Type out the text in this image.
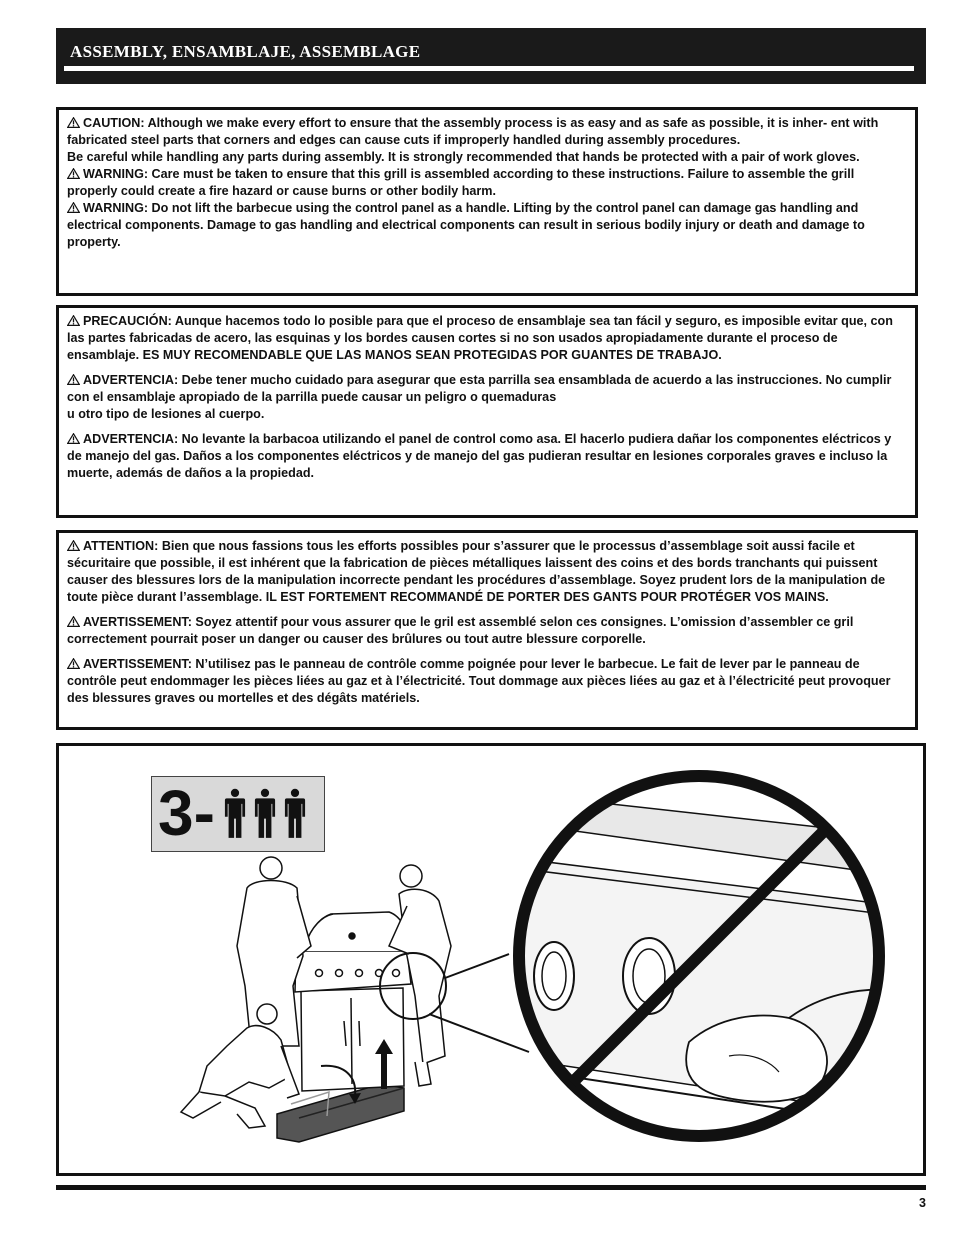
ASSEMBLY, ENSAMBLAJE, ASSEMBLAGE

CAUTION: Although we make every effort to ensure that the assembly process is as easy and as safe as possible, it is inher- ent with fabricated steel parts that corners and edges can cause cuts if improperly handled during assembly procedures.

Be careful while handling any parts during assembly. It is strongly recommended that hands be protected with a pair of work gloves.

WARNING: Care must be taken to ensure that this grill is assembled according to these instructions. Failure to assemble the grill properly could create a fire hazard or cause burns or other bodily harm.

WARNING: Do not lift the barbecue using the control panel as a handle. Lifting by the control panel can damage gas handling and electrical components. Damage to gas handling and electrical components can result in serious bodily injury or death and damage to property.

PRECAUCIÓN: Aunque hacemos todo lo posible para que el proceso de ensamblaje sea tan fácil y seguro, es imposible evitar que, con las partes fabricadas de acero, las esquinas y los bordes causen cortes si no son usados apropiadamente durante el proceso de ensamblaje. ES MUY RECOMENDABLE QUE LAS MANOS SEAN PROTEGIDAS POR GUANTES DE TRABAJO.

ADVERTENCIA: Debe tener mucho cuidado para asegurar que esta parrilla sea ensamblada de acuerdo a las instrucciones. No cumplir con el ensamblaje apropiado de la parrilla puede causar un peligro o quemaduras

u otro tipo de lesiones al cuerpo.

ADVERTENCIA: No levante la barbacoa utilizando el panel de control como asa. El hacerlo pudiera dañar los componentes eléctricos y de manejo del gas. Daños a los componentes eléctricos y de manejo del gas pudieran resultar en lesiones corporales graves e incluso la muerte, además de daños a la propiedad.

ATTENTION: Bien que nous fassions tous les efforts possibles pour s’assurer que le processus d’assemblage soit aussi facile et sécuritaire que possible, il est inhérent que la fabrication de pièces métalliques laissent des coins et des bords tranchants qui puissent causer des blessures lors de la manipulation incorrecte pendant les procédures d’assemblage. Soyez prudent lors de la manipulation de toute pièce durant l’assemblage. IL EST FORTEMENT RECOMMANDÉ DE PORTER DES GANTS POUR PROTÉGER VOS MAINS.

AVERTISSEMENT: Soyez attentif pour vous assurer que le gril est assemblé selon ces consignes. L’omission d’assembler ce gril correctement pourrait poser un danger ou causer des brûlures ou tout autre blessure corporelle.

AVERTISSEMENT: N’utilisez pas le panneau de contrôle comme poignée pour lever le barbecue. Le fait de lever par le panneau de contrôle peut endommager les pièces liées au gaz et à l’électricité. Tout dommage aux pièces liées au gaz et à l’électricité peut provoquer des blessures graves ou mortelles et des dégâts matériels.

3-
3
